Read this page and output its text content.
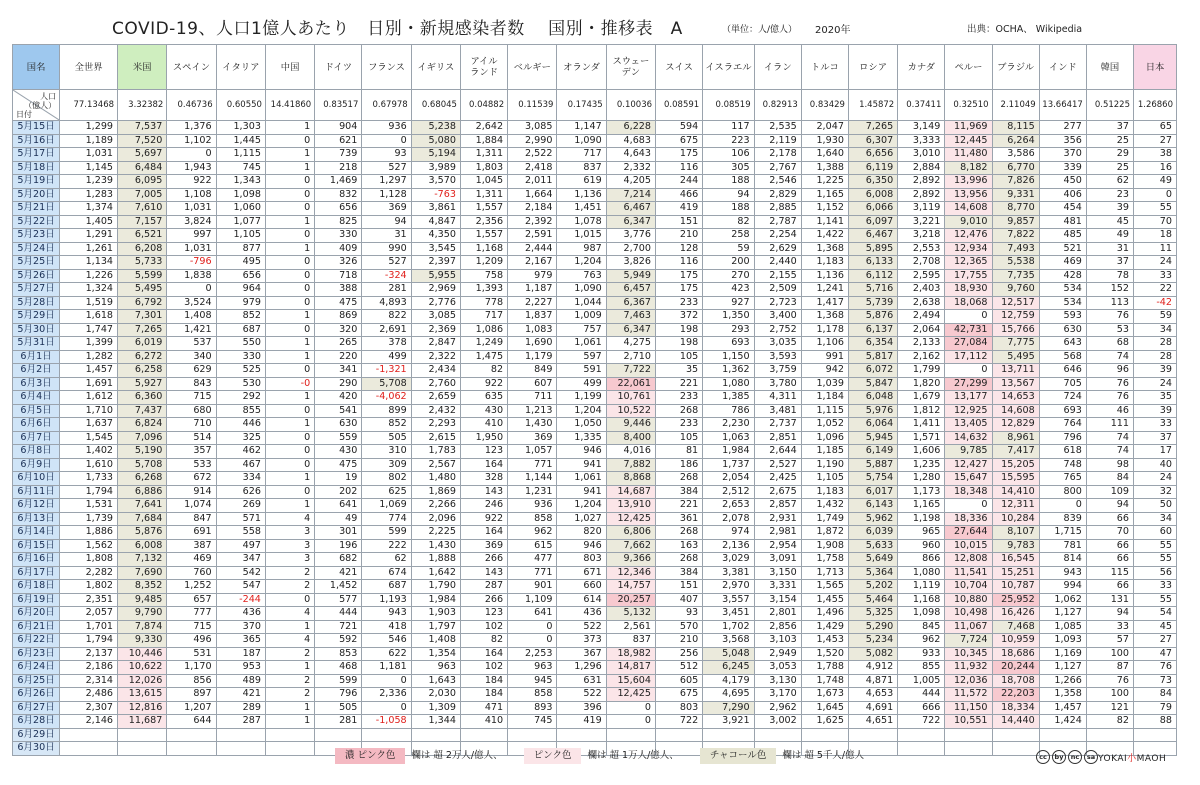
COVID-19、人口1億人あたり　日別・新規感染者数　 国別・推移表　A	（単位：人/億人） 2020年	出典：OCHA、 Wikipedia
国名	全世界	米国	スペイン	イタリア	中国	ドイツ	フランス	イギリス	アイル
ランド	ベルギー	オランダ	スウェー
デン	スイス	イスラエル	イラン	トルコ	ロシア	カナダ	ペルー	ブラジル	インド	韓国	日本

人口
（億人）
日付	77.13468	3.32382	0.46736	0.60550	14.41860	0.83517	0.67978	0.68045	0.04882	0.11539	0.17435	0.10036	0.08591	0.08519	0.82913	0.83429	1.45872	0.37411	0.32510	2.11049	13.66417	0.51225	1.26860
5月15日	1,299	7,537	1,376	1,303	1	904	936	5,238	2,642	3,085	1,147	6,228	594	117	2,535	2,047	7,265	3,149	11,969	8,115	277	37	65
5月16日	1,189	7,520	1,102	1,445	0	621	0	5,080	1,884	2,990	1,090	4,683	675	223	2,119	1,930	6,307	3,333	12,445	6,264	356	25	27
5月17日	1,031	5,697	0	1,115	1	739	93	5,194	1,311	2,522	717	4,643	175	106	2,178	1,640	6,656	3,010	11,480	3,586	370	29	38
5月18日	1,145	6,484	1,943	745	1	218	527	3,989	1,803	2,418	837	2,332	116	305	2,767	1,388	6,119	2,884	8,182	6,770	339	25	16
5月19日	1,239	6,095	922	1,343	0	1,469	1,297	3,570	1,045	2,011	619	4,205	244	188	2,546	1,225	6,350	2,892	13,996	7,826	450	62	49
5月20日	1,283	7,005	1,108	1,098	0	832	1,128	-763	1,311	1,664	1,136	7,214	466	94	2,829	1,165	6,008	2,892	13,956	9,331	406	23	0
5月21日	1,374	7,610	1,031	1,060	0	656	369	3,861	1,557	2,184	1,451	6,467	419	188	2,885	1,152	6,066	3,119	14,608	8,770	454	39	55
5月22日	1,405	7,157	3,824	1,077	1	825	94	4,847	2,356	2,392	1,078	6,347	151	82	2,787	1,141	6,097	3,221	9,010	9,857	481	45	70
5月23日	1,291	6,521	997	1,105	0	330	31	4,350	1,557	2,591	1,015	3,776	210	258	2,254	1,422	6,467	3,218	12,476	7,822	485	49	18
5月24日	1,261	6,208	1,031	877	1	409	990	3,545	1,168	2,444	987	2,700	128	59	2,629	1,368	5,895	2,553	12,934	7,493	521	31	11
5月25日	1,134	5,733	-796	495	0	326	527	2,397	1,209	2,167	1,204	3,826	116	200	2,440	1,183	6,133	2,708	12,365	5,538	469	37	24
5月26日	1,226	5,599	1,838	656	0	718	-324	5,955	758	979	763	5,949	175	270	2,155	1,136	6,112	2,595	17,755	7,735	428	78	33
5月27日	1,324	5,495	0	964	0	388	281	2,969	1,393	1,187	1,090	6,457	175	423	2,509	1,241	5,716	2,403	18,930	9,760	534	152	22
5月28日	1,519	6,792	3,524	979	0	475	4,893	2,776	778	2,227	1,044	6,367	233	927	2,723	1,417	5,739	2,638	18,068	12,517	534	113	-42
5月29日	1,618	7,301	1,408	852	1	869	822	3,085	717	1,837	1,009	7,463	372	1,350	3,400	1,368	5,876	2,494	0	12,759	593	76	59
5月30日	1,747	7,265	1,421	687	0	320	2,691	2,369	1,086	1,083	757	6,347	198	293	2,752	1,178	6,137	2,064	42,731	15,766	630	53	34
5月31日	1,399	6,019	537	550	1	265	378	2,847	1,249	1,690	1,061	4,275	198	693	3,035	1,106	6,354	2,133	27,084	7,775	643	68	28
6月1日	1,282	6,272	340	330	1	220	499	2,322	1,475	1,179	597	2,710	105	1,150	3,593	991	5,817	2,162	17,112	5,495	568	74	28
6月2日	1,457	6,258	629	525	0	341	-1,321	2,434	82	849	591	7,722	35	1,362	3,759	942	6,072	1,799	0	13,711	646	96	39
6月3日	1,691	5,927	843	530	-0	290	5,708	2,760	922	607	499	22,061	221	1,080	3,780	1,039	5,847	1,820	27,299	13,567	705	76	24
6月4日	1,612	6,360	715	292	1	420	-4,062	2,659	635	711	1,199	10,761	233	1,385	4,311	1,184	6,048	1,679	13,177	14,653	724	76	35
6月5日	1,710	7,437	680	855	0	541	899	2,432	430	1,213	1,204	10,522	268	786	3,481	1,115	5,976	1,812	12,925	14,608	693	46	39
6月6日	1,637	6,824	710	446	1	630	852	2,293	410	1,430	1,050	9,446	233	2,230	2,737	1,052	6,064	1,411	13,405	12,829	764	111	33
6月7日	1,545	7,096	514	325	0	559	505	2,615	1,950	369	1,335	8,400	105	1,063	2,851	1,096	5,945	1,571	14,632	8,961	796	74	37
6月8日	1,402	5,190	357	462	0	430	310	1,783	123	1,057	946	4,016	81	1,984	2,644	1,185	6,149	1,606	9,785	7,417	618	74	17
6月9日	1,610	5,708	533	467	0	475	309	2,567	164	771	941	7,882	186	1,737	2,527	1,190	5,887	1,235	12,427	15,205	748	98	40
6月10日	1,733	6,268	672	334	1	19	802	1,480	328	1,144	1,061	8,868	268	2,054	2,425	1,105	5,754	1,280	15,647	15,595	765	84	24
6月11日	1,794	6,886	914	626	0	202	625	1,869	143	1,231	941	14,687	384	2,512	2,675	1,183	6,017	1,173	18,348	14,410	800	109	32
6月12日	1,531	7,641	1,074	269	1	641	1,069	2,266	246	936	1,204	13,910	221	2,653	2,857	1,432	6,143	1,165	0	12,311	0	94	50
6月13日	1,739	7,684	847	571	4	49	774	2,096	922	858	1,027	12,425	361	2,078	2,931	1,749	5,962	1,198	18,336	10,284	839	66	34
6月14日	1,886	5,876	691	558	3	301	599	2,225	164	962	820	6,806	268	974	2,981	1,872	6,039	965	27,644	8,107	1,715	70	60
6月15日	1,562	6,008	387	497	3	196	222	1,430	369	615	946	7,662	163	2,136	2,954	1,908	5,633	960	10,015	9,783	781	66	55
6月16日	1,808	7,132	469	347	3	682	62	1,888	266	477	803	9,366	268	3,029	3,091	1,758	5,649	866	12,808	16,545	814	66	55
6月17日	2,282	7,690	760	542	2	421	674	1,642	143	771	671	12,346	384	3,381	3,150	1,713	5,364	1,080	11,541	15,251	943	115	56
6月18日	1,802	8,352	1,252	547	2	1,452	687	1,790	287	901	660	14,757	151	2,970	3,331	1,565	5,202	1,119	10,704	10,787	994	66	33
6月19日	2,351	9,485	657	-244	0	577	1,193	1,984	266	1,109	614	20,257	407	3,557	3,154	1,455	5,464	1,168	10,880	25,952	1,062	131	55
6月20日	2,057	9,790	777	436	4	444	943	1,903	123	641	436	5,132	93	3,451	2,801	1,496	5,325	1,098	10,498	16,426	1,127	94	54
6月21日	1,701	7,874	715	370	1	721	418	1,797	102	0	522	2,561	570	1,702	2,856	1,429	5,290	845	11,067	7,468	1,085	33	45
6月22日	1,794	9,330	496	365	4	592	546	1,408	82	0	373	837	210	3,568	3,103	1,453	5,234	962	7,724	10,959	1,093	57	27
6月23日	2,137	10,446	531	187	2	853	622	1,354	164	2,253	367	18,982	256	5,048	2,949	1,520	5,082	933	10,345	18,686	1,169	100	47
6月24日	2,186	10,622	1,170	953	1	468	1,181	963	102	963	1,296	14,817	512	6,245	3,053	1,788	4,912	855	11,932	20,244	1,127	87	76
6月25日	2,314	12,026	856	489	2	599	0	1,643	184	945	631	15,604	605	4,179	3,130	1,748	4,871	1,005	12,036	18,708	1,266	76	73
6月26日	2,486	13,615	897	421	2	796	2,336	2,030	184	858	522	12,425	675	4,695	3,170	1,673	4,653	444	11,572	22,203	1,358	100	84
6月27日	2,307	12,816	1,207	289	1	505	0	1,309	471	893	396	0	803	7,290	2,962	1,645	4,691	666	11,150	18,334	1,457	121	79
6月28日	2,146	11,687	644	287	1	281	-1,058	1,344	410	745	419	0	722	3,921	3,002	1,625	4,651	722	10,551	14,440	1,424	82	88
6月29日																							
6月30日																							
濃 ピンク色 欄は 超 2万人/億人、	ピンク色 欄は 超 1万人/億人、	チャコール色 欄は 超 5千人/億人	cc	by	nc	sa YOKAI小MAOH
